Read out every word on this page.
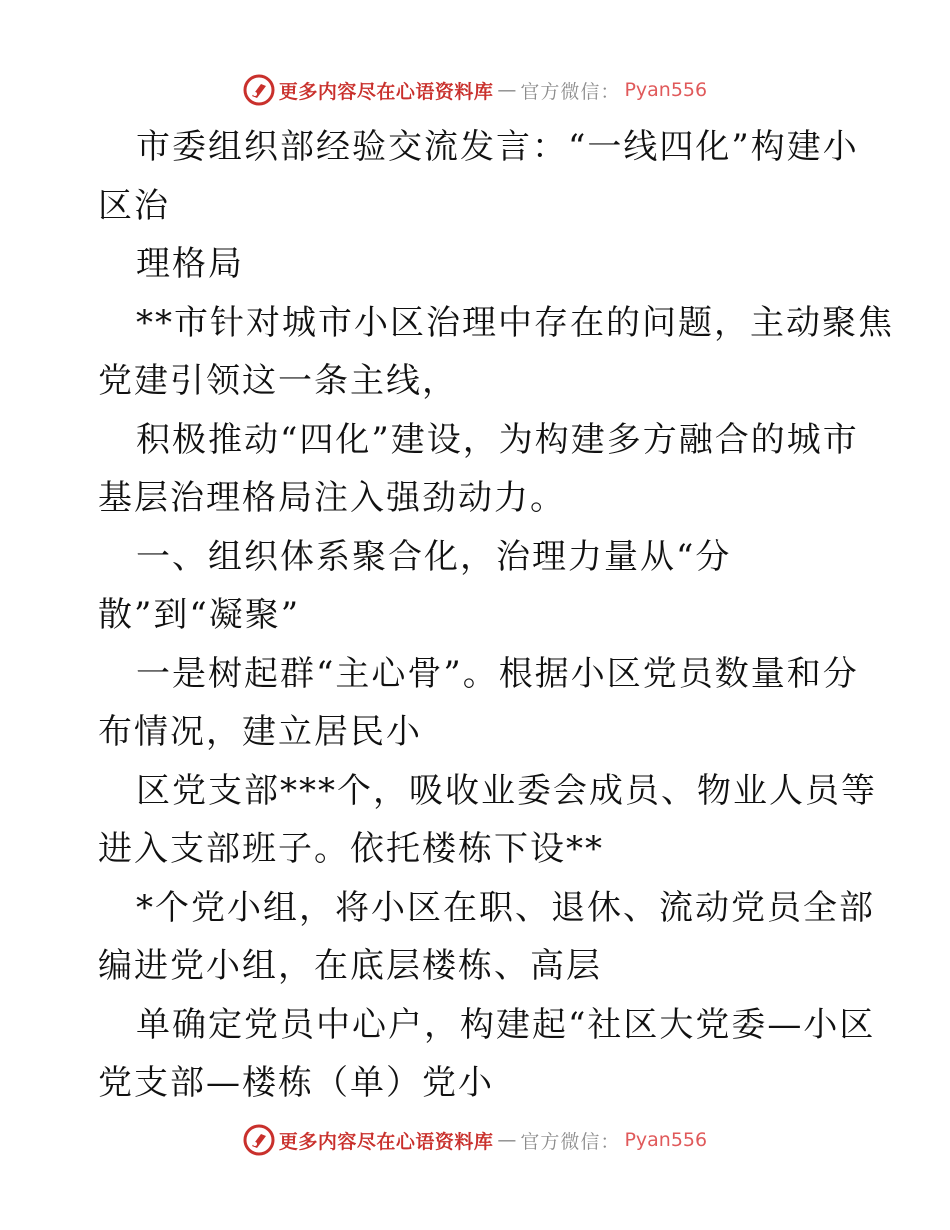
更多内容尽在心语资料库 — 官方微信： Pyan556
市委组织部经验交流发言：“一线四化”构建小
区治
理格局
**市针对城市小区治理中存在的问题，主动聚焦
党建引领这一条主线，
积极推动“四化”建设，为构建多方融合的城市
基层治理格局注入强劲动力。
一、组织体系聚合化，治理力量从“分
散”到“凝聚”
一是树起群“主心骨”。根据小区党员数量和分
布情况，建立居民小
区党支部***个，吸收业委会成员、物业人员等
进入支部班子。依托楼栋下设**
*个党小组，将小区在职、退休、流动党员全部
编进党小组，在底层楼栋、高层
单确定党员中心户，构建起“社区大党委—小区
党支部—楼栋（单）党小
更多内容尽在心语资料库 — 官方微信： Pyan556
